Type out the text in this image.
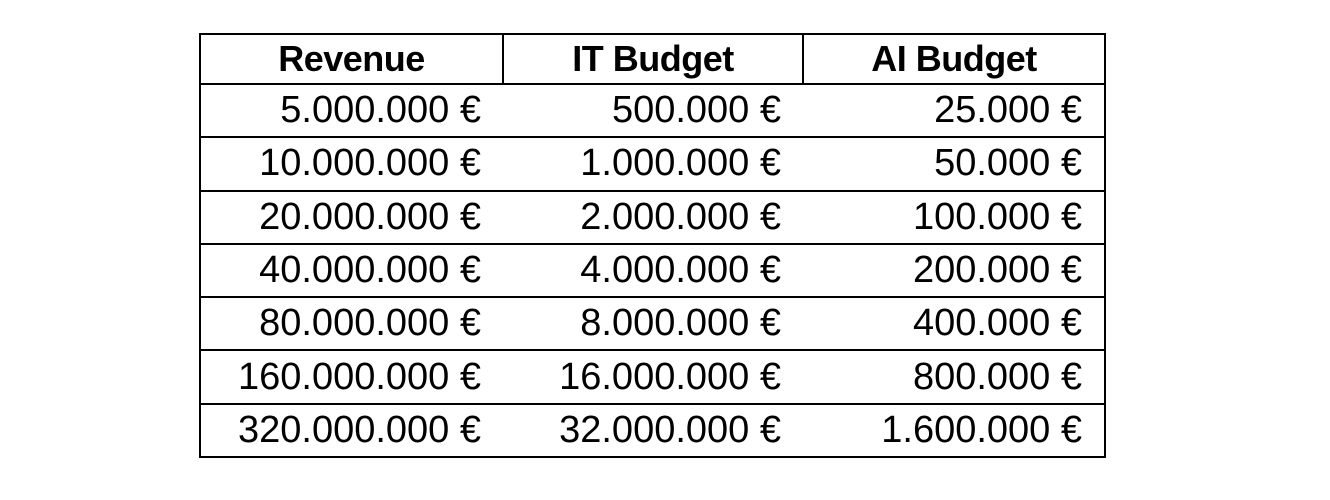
Revenue	IT Budget	AI Budget
5.000.000 €	500.000 €	25.000 €
10.000.000 €	1.000.000 €	50.000 €
20.000.000 €	2.000.000 €	100.000 €
40.000.000 €	4.000.000 €	200.000 €
80.000.000 €	8.000.000 €	400.000 €
160.000.000 €	16.000.000 €	800.000 €
320.000.000 €	32.000.000 €	1.600.000 €
